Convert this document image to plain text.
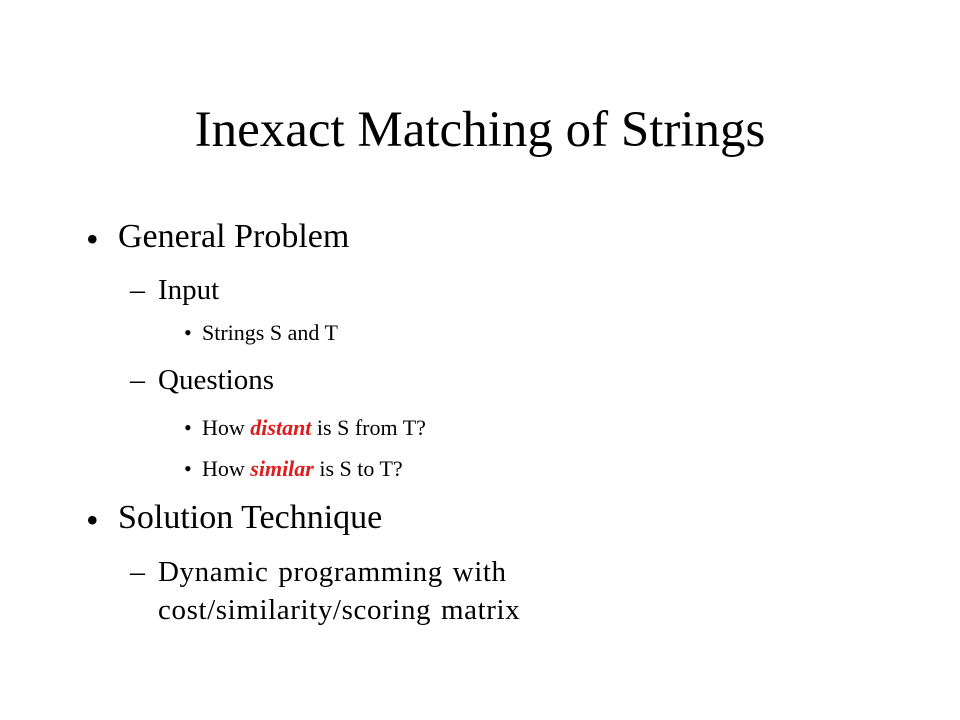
Inexact Matching of Strings
• General Problem
– Input
• Strings S and T
– Questions
• How distant is S from T?
• How similar is S to T?
• Solution Technique
– Dynamic programming with
cost/similarity/scoring matrix
